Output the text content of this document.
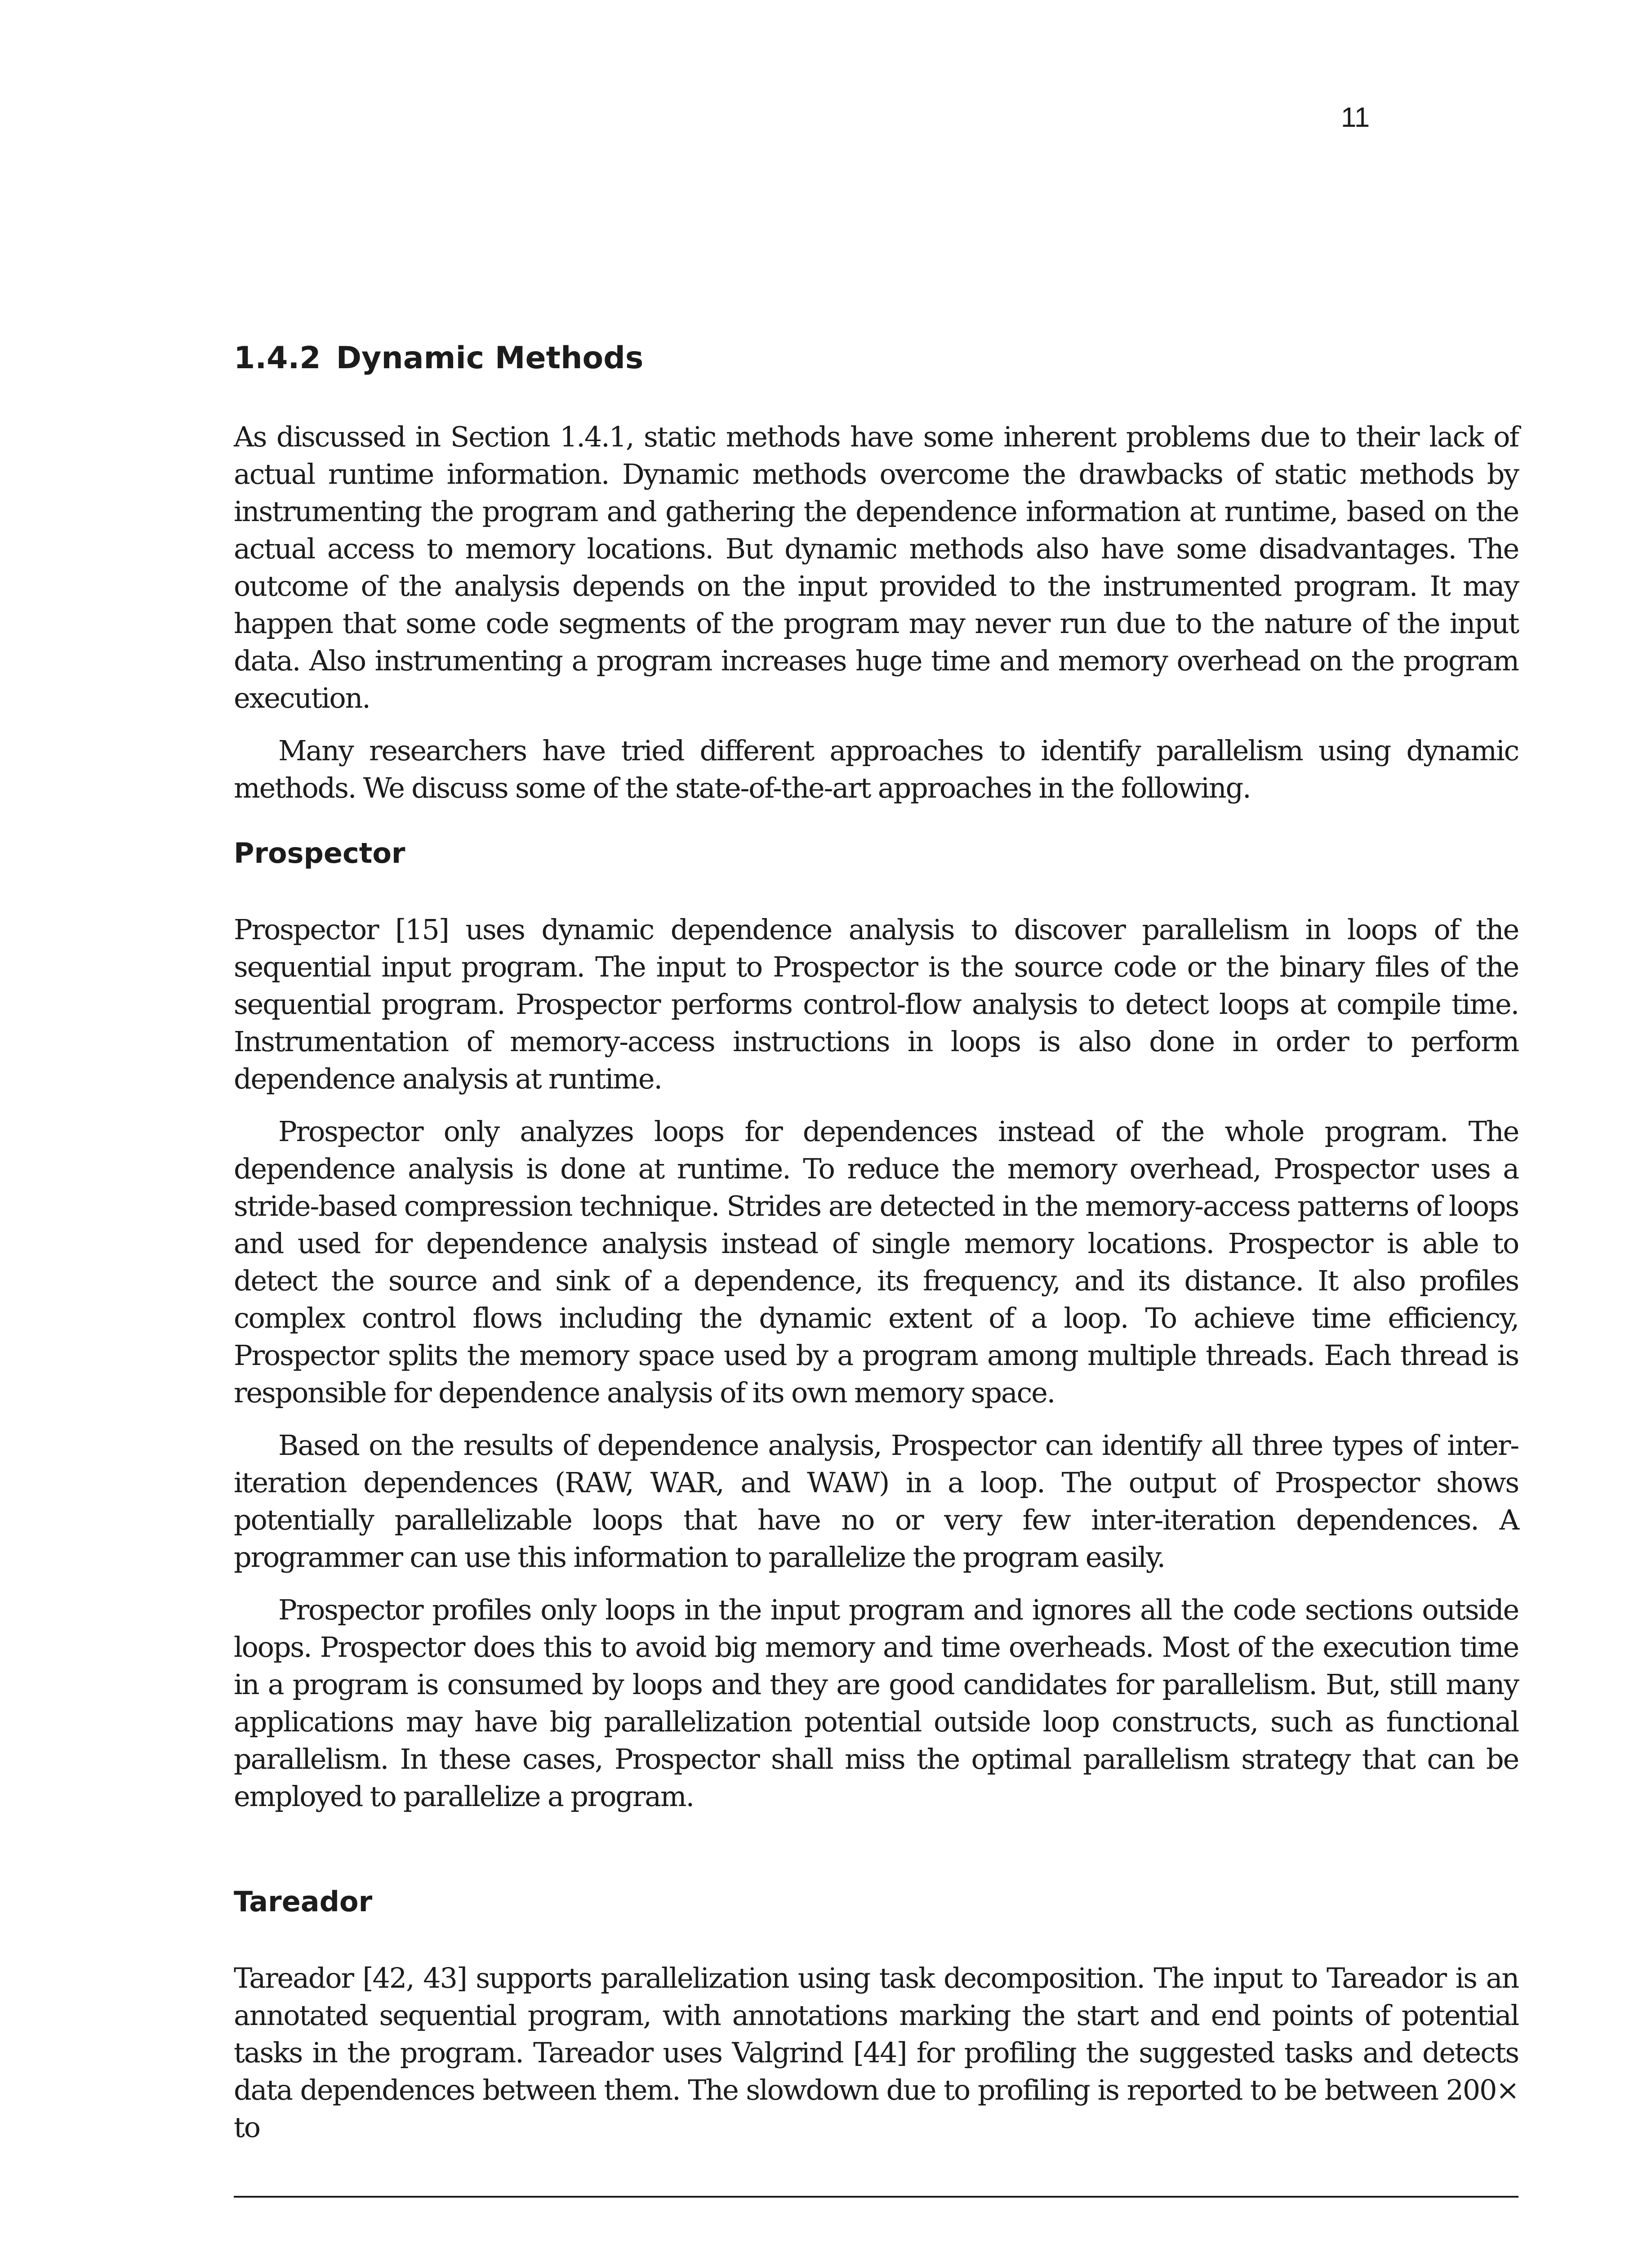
11
1.4.2 Dynamic Methods

As discussed in Section 1.4.1, static methods have some inherent problems due to their lack of actual runtime information. Dynamic methods overcome the drawbacks of static methods by instrumenting the program and gathering the dependence information at runtime, based on the actual access to memory locations. But dynamic methods also have some disadvantages. The outcome of the analysis depends on the input provided to the instrumented program. It may happen that some code segments of the program may never run due to the nature of the input data. Also instrumenting a program increases huge time and memory overhead on the program execution.

Many researchers have tried different approaches to identify parallelism using dynamic methods. We discuss some of the state-of-the-art approaches in the following.

Prospector

Prospector [15] uses dynamic dependence analysis to discover parallelism in loops of the sequential input program. The input to Prospector is the source code or the binary files of the sequential program. Prospector performs control-flow analysis to detect loops at compile time. Instrumentation of memory-access instructions in loops is also done in order to perform dependence analysis at runtime.

Prospector only analyzes loops for dependences instead of the whole program. The dependence analysis is done at runtime. To reduce the memory overhead, Prospector uses a stride-based compression technique. Strides are detected in the memory-access patterns of loops and used for dependence analysis instead of single memory locations. Prospector is able to detect the source and sink of a dependence, its frequency, and its distance. It also profiles complex control flows including the dynamic extent of a loop. To achieve time efficiency, Prospector splits the memory space used by a program among multiple threads. Each thread is responsible for dependence analysis of its own memory space.

Based on the results of dependence analysis, Prospector can identify all three types of inter-iteration dependences (RAW, WAR, and WAW) in a loop. The output of Prospector shows potentially parallelizable loops that have no or very few inter-iteration dependences. A programmer can use this information to parallelize the program easily.

Prospector profiles only loops in the input program and ignores all the code sections outside loops. Prospector does this to avoid big memory and time overheads. Most of the execution time in a program is consumed by loops and they are good candidates for parallelism. But, still many applications may have big parallelization potential outside loop constructs, such as functional parallelism. In these cases, Prospector shall miss the optimal parallelism strategy that can be employed to parallelize a program.

Tareador

Tareador [42, 43] supports parallelization using task decomposition. The input to Tareador is an annotated sequential program, with annotations marking the start and end points of potential tasks in the program. Tareador uses Valgrind [44] for profiling the suggested tasks and detects data dependences between them. The slowdown due to profiling is reported to be between 200× to
